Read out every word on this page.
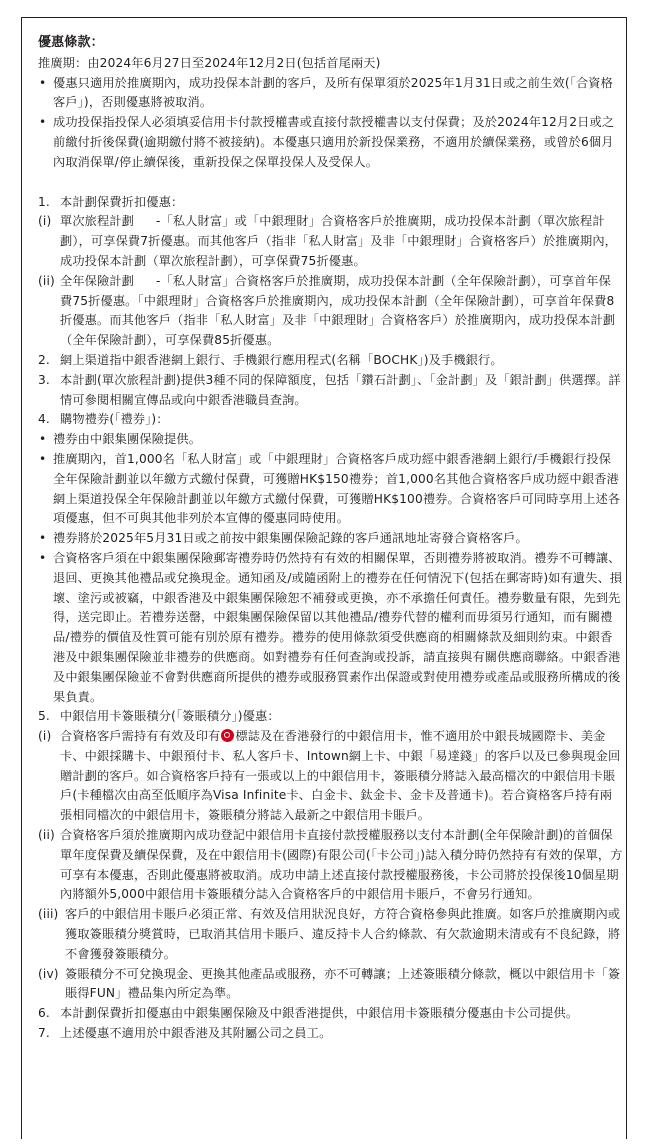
優惠條款：
推廣期：由2024年6月27日至2024年12月2日(包括首尾兩天)
• 優惠只適用於推廣期內，成功投保本計劃的客戶，及所有保單須於2025年1月31日或之前生效(「合資格客戶」)，否則優惠將被取消。
• 成功投保指投保人必須填妥信用卡付款授權書或直接付款授權書以支付保費；及於2024年12月2日或之前繳付折後保費(逾期繳付將不被接納)。本優惠只適用於新投保業務，不適用於續保業務，或曾於6個月內取消保單/停止續保後，重新投保之保單投保人及受保人。
1. 本計劃保費折扣優惠：
(i) 單次旅程計劃 -「私人財富」或「中銀理財」合資格客戶於推廣期，成功投保本計劃（單次旅程計劃），可享保費7折優惠。而其他客戶（指非「私人財富」及非「中銀理財」合資格客戶）於推廣期內，成功投保本計劃（單次旅程計劃），可享保費75折優惠。
(ii) 全年保險計劃 -「私人財富」合資格客戶於推廣期，成功投保本計劃（全年保險計劃），可享首年保費75折優惠。「中銀理財」合資格客戶於推廣期內，成功投保本計劃（全年保險計劃），可享首年保費8折優惠。而其他客戶（指非「私人財富」及非「中銀理財」合資格客戶）於推廣期內，成功投保本計劃（全年保險計劃），可享保費85折優惠。
2. 網上渠道指中銀香港網上銀行、手機銀行應用程式(名稱「BOCHK」)及手機銀行。
3. 本計劃(單次旅程計劃)提供3種不同的保障額度，包括「鑽石計劃」、「金計劃」及「銀計劃」供選擇。詳情可參閱相關宣傳品或向中銀香港職員查詢。
4. 購物禮券(「禮券」)：
• 禮券由中銀集團保險提供。
• 推廣期內，首1,000名「私人財富」或「中銀理財」合資格客戶成功經中銀香港網上銀行/手機銀行投保全年保險計劃並以年繳方式繳付保費，可獲贈HK$150禮券；首1,000名其他合資格客戶成功經中銀香港網上渠道投保全年保險計劃並以年繳方式繳付保費，可獲贈HK$100禮券。合資格客戶可同時享用上述各項優惠，但不可與其他非列於本宣傳的優惠同時使用。
• 禮券將於2025年5月31日或之前按中銀集團保險記錄的客戶通訊地址寄發合資格客戶。
• 合資格客戶須在中銀集團保險郵寄禮券時仍然持有有效的相關保單，否則禮券將被取消。禮券不可轉讓、退回、更換其他禮品或兌換現金。通知函及/或隨函附上的禮券在任何情況下(包括在郵寄時)如有遺失、損壞、塗污或被竊，中銀香港及中銀集團保險恕不補發或更換，亦不承擔任何責任。禮券數量有限，先到先得，送完即止。若禮券送罄，中銀集團保險保留以其他禮品/禮券代替的權利而毋須另行通知，而有關禮品/禮券的價值及性質可能有別於原有禮券。禮券的使用條款須受供應商的相關條款及細則約束。中銀香港及中銀集團保險並非禮券的供應商。如對禮券有任何查詢或投訴，請直接與有關供應商聯絡。中銀香港及中銀集團保險並不會對供應商所提供的禮券或服務質素作出保證或對使用禮券或產品或服務所構成的後果負責。
5. 中銀信用卡簽賬積分(「簽賬積分」)優惠：
(i) 合資格客戶需持有有效及印有 標誌及在香港發行的中銀信用卡，惟不適用於中銀長城國際卡、美金卡、中銀採購卡、中銀預付卡、私人客戶卡、Intown網上卡、中銀「易達錢」的客戶以及已參與現金回贈計劃的客戶。如合資格客戶持有一張或以上的中銀信用卡，簽賬積分將誌入最高檔次的中銀信用卡賬戶(卡種檔次由高至低順序為Visa Infinite卡、白金卡、鈦金卡、金卡及普通卡)。若合資格客戶持有兩張相同檔次的中銀信用卡，簽賬積分將誌入最新之中銀信用卡賬戶。
(ii) 合資格客戶須於推廣期內成功登記中銀信用卡直接付款授權服務以支付本計劃(全年保險計劃)的首個保單年度保費及續保保費，及在中銀信用卡(國際)有限公司(「卡公司」)誌入積分時仍然持有有效的保單，方可享有本優惠，否則此優惠將被取消。成功申請上述直接付款授權服務後，卡公司將於投保後10個星期內將額外5,000中銀信用卡簽賬積分誌入合資格客戶的中銀信用卡賬戶，不會另行通知。
(iii) 客戶的中銀信用卡賬戶必須正常、有效及信用狀況良好，方符合資格參與此推廣。如客戶於推廣期內或獲取簽賬積分獎賞時，已取消其信用卡賬戶、違反持卡人合約條款、有欠款逾期未清或有不良紀錄，將不會獲發簽賬積分。
(iv) 簽賬積分不可兌換現金、更換其他產品或服務，亦不可轉讓；上述簽賬積分條款，概以中銀信用卡「簽賬得FUN」禮品集內所定為準。
6. 本計劃保費折扣優惠由中銀集團保險及中銀香港提供，中銀信用卡簽賬積分優惠由卡公司提供。
7. 上述優惠不適用於中銀香港及其附屬公司之員工。
